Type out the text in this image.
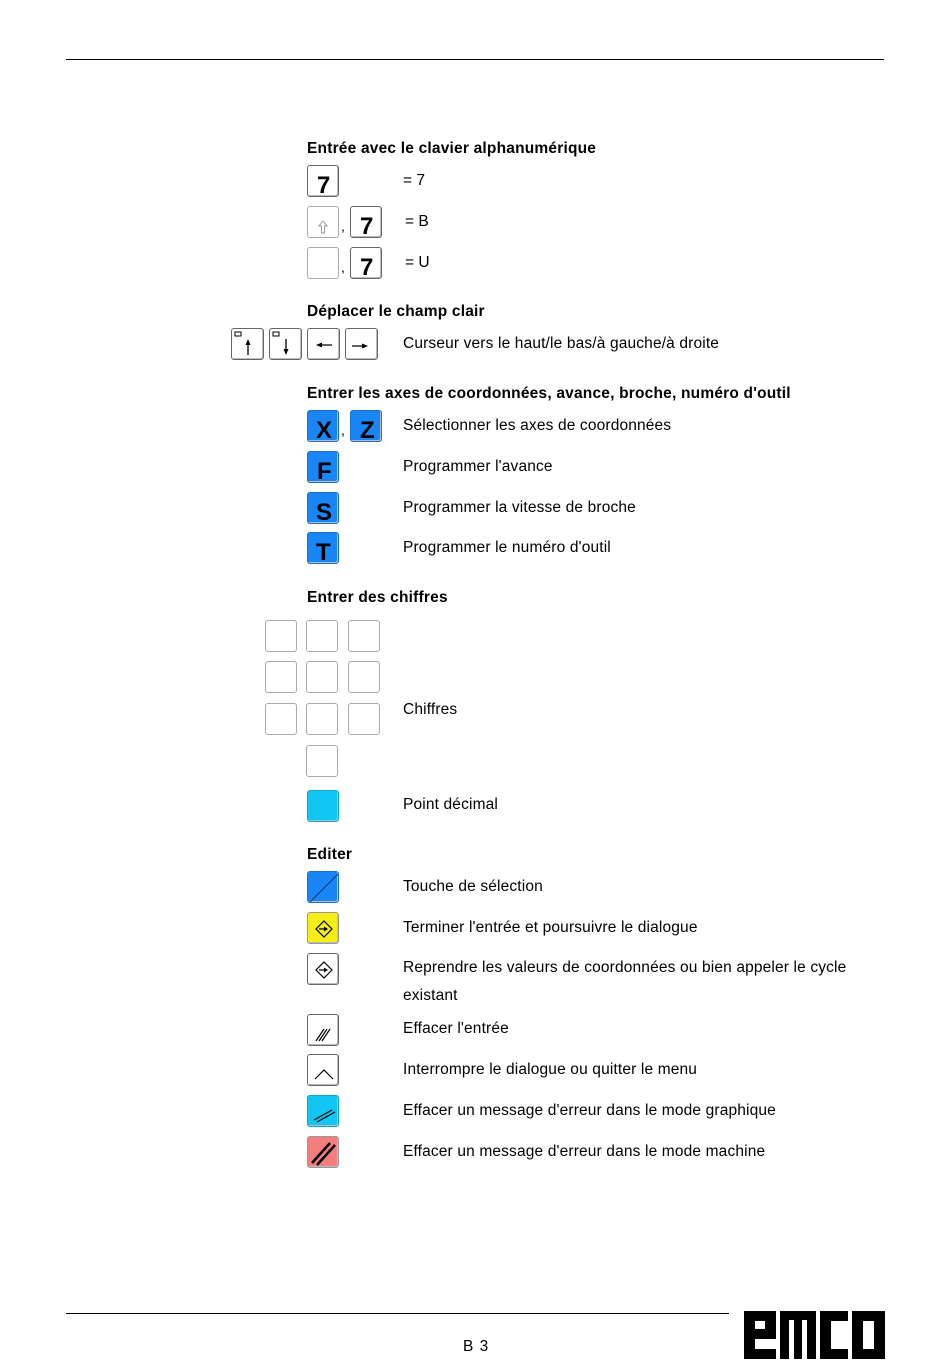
Entrée avec le clavier alphanumérique
7	= 7
, 7 = B
, 7 = U
Déplacer le champ clair
Curseur vers le haut/le bas/à gauche/à droite
Entrer les axes de coordonnées, avance, broche, numéro d'outil
X , Z Sélectionner les axes de coordonnées
F	Programmer l'avance
S	Programmer la vitesse de broche
T	Programmer le numéro d'outil
Entrer des chiffres
Chiffres
Point décimal
Editer
Touche de sélection
Terminer l'entrée et poursuivre le dialogue
Reprendre les valeurs de coordonnées ou bien appeler le cycle
existant
Effacer l'entrée
Interrompre le dialogue ou quitter le menu
Effacer un message d'erreur dans le mode graphique
Effacer un message d'erreur dans le mode machine
B 3
